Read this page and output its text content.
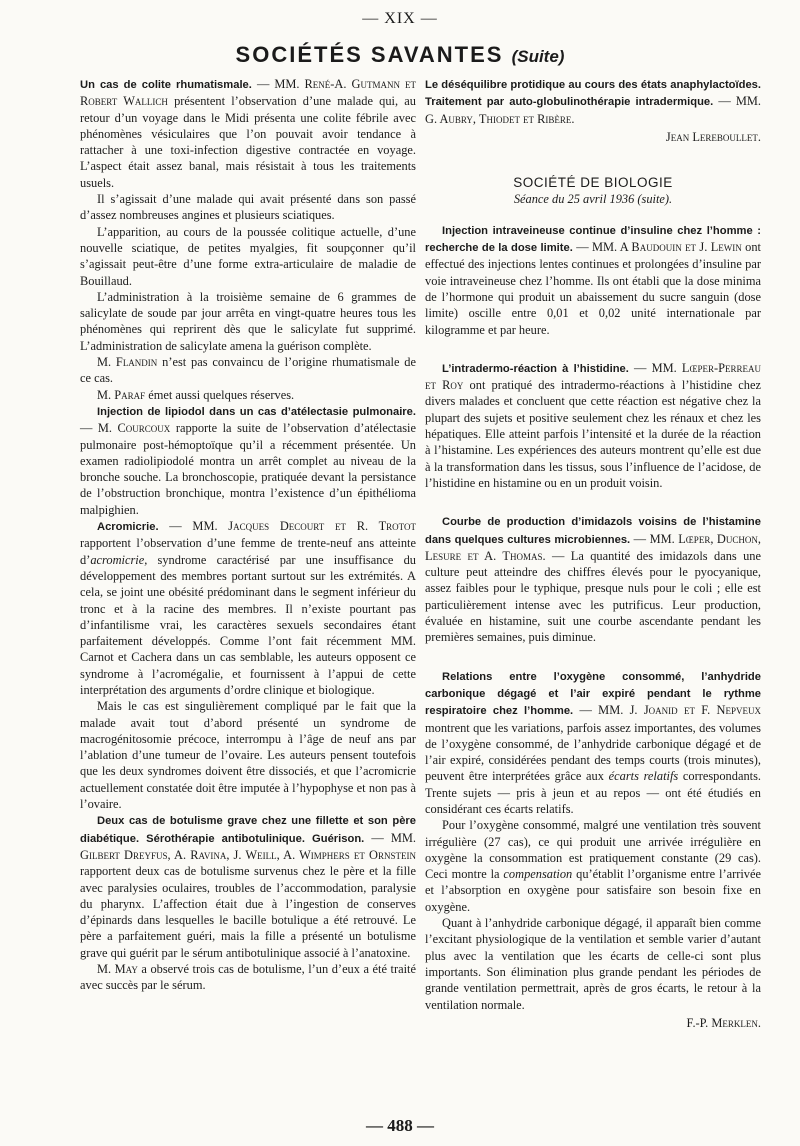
— XIX —
SOCIÉTÉS SAVANTES (Suite)

Un cas de colite rhumatismale. — MM. René-A. Gutmann et Robert Wallich présentent l’observation d’une malade qui, au retour d’un voyage dans le Midi présenta une colite fébrile avec phénomènes vésiculaires que l’on pouvait avoir tendance à rattacher à une toxi-infection digestive contractée en voyage. L’aspect était assez banal, mais résistait à tous les traitements usuels.

Il s’agissait d’une malade qui avait présenté dans son passé d’assez nombreuses angines et plusieurs sciatiques.

L’apparition, au cours de la poussée colitique actuelle, d’une nouvelle sciatique, de petites myalgies, fit soupçonner qu’il s’agissait peut-être d’une forme extra-articulaire de maladie de Bouillaud.

L’administration à la troisième semaine de 6 grammes de salicylate de soude par jour arrêta en vingt-quatre heures tous les phénomènes qui reprirent dès que le salicylate fut supprimé. L’administration de salicylate amena la guérison complète.

M. Flandin n’est pas convaincu de l’origine rhumatismale de ce cas.

M. Paraf émet aussi quelques réserves.

Injection de lipiodol dans un cas d’atélectasie pulmonaire. — M. Courcoux rapporte la suite de l’observation d’atélectasie pulmonaire post-hémoptoïque qu’il a récemment présentée. Un examen radiolipiodolé montra un arrêt complet au niveau de la bronche souche. La bronchoscopie, pratiquée devant la persistance de l’obstruction bronchique, montra l’existence d’un épithélioma malpighien.

Acromicrie. — MM. Jacques Decourt et R. Trotot rapportent l’observation d’une femme de trente-neuf ans atteinte d’acromicrie, syndrome caractérisé par une insuffisance du développement des membres portant surtout sur les extrémités. A cela, se joint une obésité prédominant dans le segment inférieur du tronc et à la racine des membres. Il n’existe pourtant pas d’infantilisme vrai, les caractères sexuels secondaires étant parfaitement développés. Comme l’ont fait récemment MM. Carnot et Cachera dans un cas semblable, les auteurs opposent ce syndrome à l’acromégalie, et fournissent à l’appui de cette interprétation des arguments d’ordre clinique et biologique.

Mais le cas est singulièrement compliqué par le fait que la malade avait tout d’abord présenté un syndrome de macrogénitosomie précoce, interrompu à l’âge de neuf ans par l’ablation d’une tumeur de l’ovaire. Les auteurs pensent toutefois que les deux syndromes doivent être dissociés, et que l’acromicrie actuellement constatée doit être imputée à l’hypophyse et non pas à l’ovaire.

Deux cas de botulisme grave chez une fillette et son père diabétique. Sérothérapie antibotulinique. Guérison. — MM. Gilbert Dreyfus, A. Ravina, J. Weill, A. Wimphers et Ornstein rapportent deux cas de botulisme survenus chez le père et la fille avec paralysies oculaires, troubles de l’accommodation, paralysie du pharynx. L’affection était due à l’ingestion de conserves d’épinards dans lesquelles le bacille botulique a été retrouvé. Le père a parfaitement guéri, mais la fille a présenté un botulisme grave qui guérit par le sérum antibotulinique associé à l’anatoxine.

M. May a observé trois cas de botulisme, l’un d’eux a été traité avec succès par le sérum.

Le déséquilibre protidique au cours des états anaphylactoïdes. Traitement par auto-globulinothérapie intradermique. — MM. G. Aubry, Thiodet et Ribère.

Jean Lereboullet.

SOCIÉTÉ DE BIOLOGIE

Séance du 25 avril 1936 (suite).

Injection intraveineuse continue d’insuline chez l’homme : recherche de la dose limite. — MM. A Baudouin et J. Lewin ont effectué des injections lentes continues et prolongées d’insuline par voie intraveineuse chez l’homme. Ils ont établi que la dose minima de l’hormone qui produit un abaissement du sucre sanguin (dose limite) oscille entre 0,01 et 0,02 unité internationale par kilogramme et par heure.

L’intradermo-réaction à l’histidine. — MM. Lœper-Perreau et Roy ont pratiqué des intradermo-réactions à l’histidine chez divers malades et concluent que cette réaction est négative chez la plupart des sujets et positive seulement chez les rénaux et chez les hépatiques. Elle atteint parfois l’intensité et la durée de la réaction à l’histamine. Les expériences des auteurs montrent qu’elle est due à la transformation dans les tissus, sous l’influence de l’acidose, de l’histidine en histamine ou en un produit voisin.

Courbe de production d’imidazols voisins de l’histamine dans quelques cultures microbiennes. — MM. Lœper, Duchon, Lesure et A. Thomas. — La quantité des imidazols dans une culture peut atteindre des chiffres élevés pour le pyocyanique, assez faibles pour le typhique, presque nuls pour le coli ; elle est particulièrement intense avec les putrificus. Leur production, évaluée en histamine, suit une courbe ascendante pendant les premières semaines, puis diminue.

Relations entre l’oxygène consommé, l’anhydride carbonique dégagé et l’air expiré pendant le rythme respiratoire chez l’homme. — MM. J. Joanid et F. Nepveux montrent que les variations, parfois assez importantes, des volumes de l’oxygène consommé, de l’anhydride carbonique dégagé et de l’air expiré, considérées pendant des temps courts (trois minutes), peuvent être interprétées grâce aux écarts relatifs correspondants. Trente sujets — pris à jeun et au repos — ont été étudiés en considérant ces écarts relatifs.

Pour l’oxygène consommé, malgré une ventilation très souvent irrégulière (27 cas), ce qui produit une arrivée irrégulière en oxygène la consommation est pratiquement constante (29 cas). Ceci montre la compensation qu’établit l’organisme entre l’arrivée et l’absorption en oxygène pour satisfaire son besoin fixe en oxygène.

Quant à l’anhydride carbonique dégagé, il apparaît bien comme l’excitant physiologique de la ventilation et semble varier d’autant plus avec la ventilation que les écarts de celle-ci sont plus importants. Son élimination plus grande pendant les périodes de grande ventilation permettrait, après de gros écarts, le retour à la ventilation normale.

F.-P. Merklen.

— 488 —
